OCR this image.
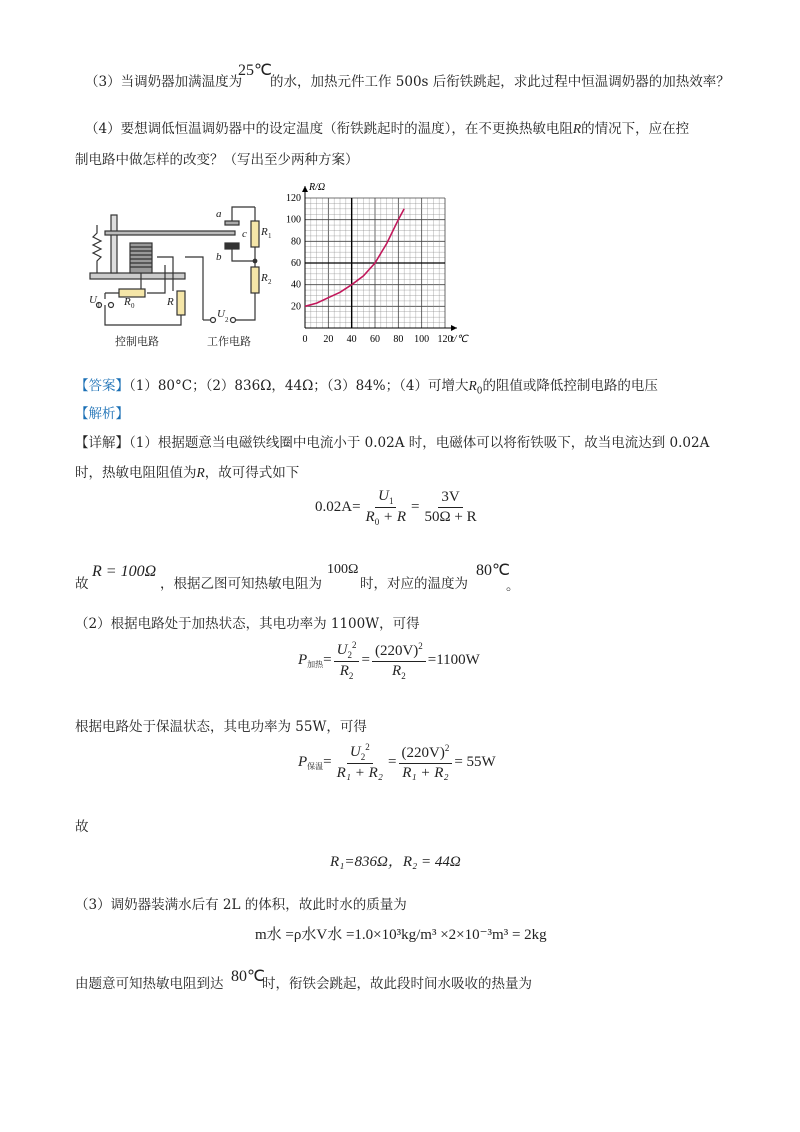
（3）当调奶器加满温度为
25℃
的水，加热元件工作 500s 后衔铁跳起，求此过程中恒温调奶器的加热效率？
（4）要想调低恒温调奶器中的设定温度（衔铁跳起时的温度），在不更换热敏电阻R的情况下，应在控
制电路中做怎样的改变？（写出至少两种方案）
a
b
c R 1
R 2
R 0	R
U 1
U 2
控制电路	工作电路	0 20 40 60 80 100 120
20
40
60
80
100
120
R/Ω
t/℃
【答案】（1）80°C；（2）836Ω，44Ω；（3）84%；（4）可增大$R_0$的阻值或降低控制电路的电压
【解析】
【详解】（1）根据题意当电磁铁线圈中电流小于 0.02A 时，电磁体可以将衔铁吸下，故当电流达到 0.02A
时，热敏电阻阻值为R，故可得式如下
$0.02A= \frac{U_1}{R_0 + R} = \frac{3V}{50\Omega + R}$
故
R = 100Ω
，根据乙图可知热敏电阻为
100Ω
时，对应的温度为
80℃
。
（2）根据电路处于加热状态，其电功率为 1100W，可得
$P_{加热} = \frac{U_2^2}{R_2} = \frac{(220V)^2}{R_2} =1100W$
根据电路处于保温状态，其电功率为 55W，可得
$P_{保温} = \frac{U_2^2}{\text{R₁ + R₂}} = \frac{(220V)^2}{\text{R₁ + R₂}} = 55W$
故
R₁=836Ω，R₂ = 44Ω
（3）调奶器装满水后有 2L 的体积，故此时水的质量为
m水 =ρ水V水 =1.0×10³kg/m³ ×2×10⁻³m³ = 2kg
由题意可知热敏电阻到达 80℃
时，衔铁会跳起，故此段时间水吸收的热量为
